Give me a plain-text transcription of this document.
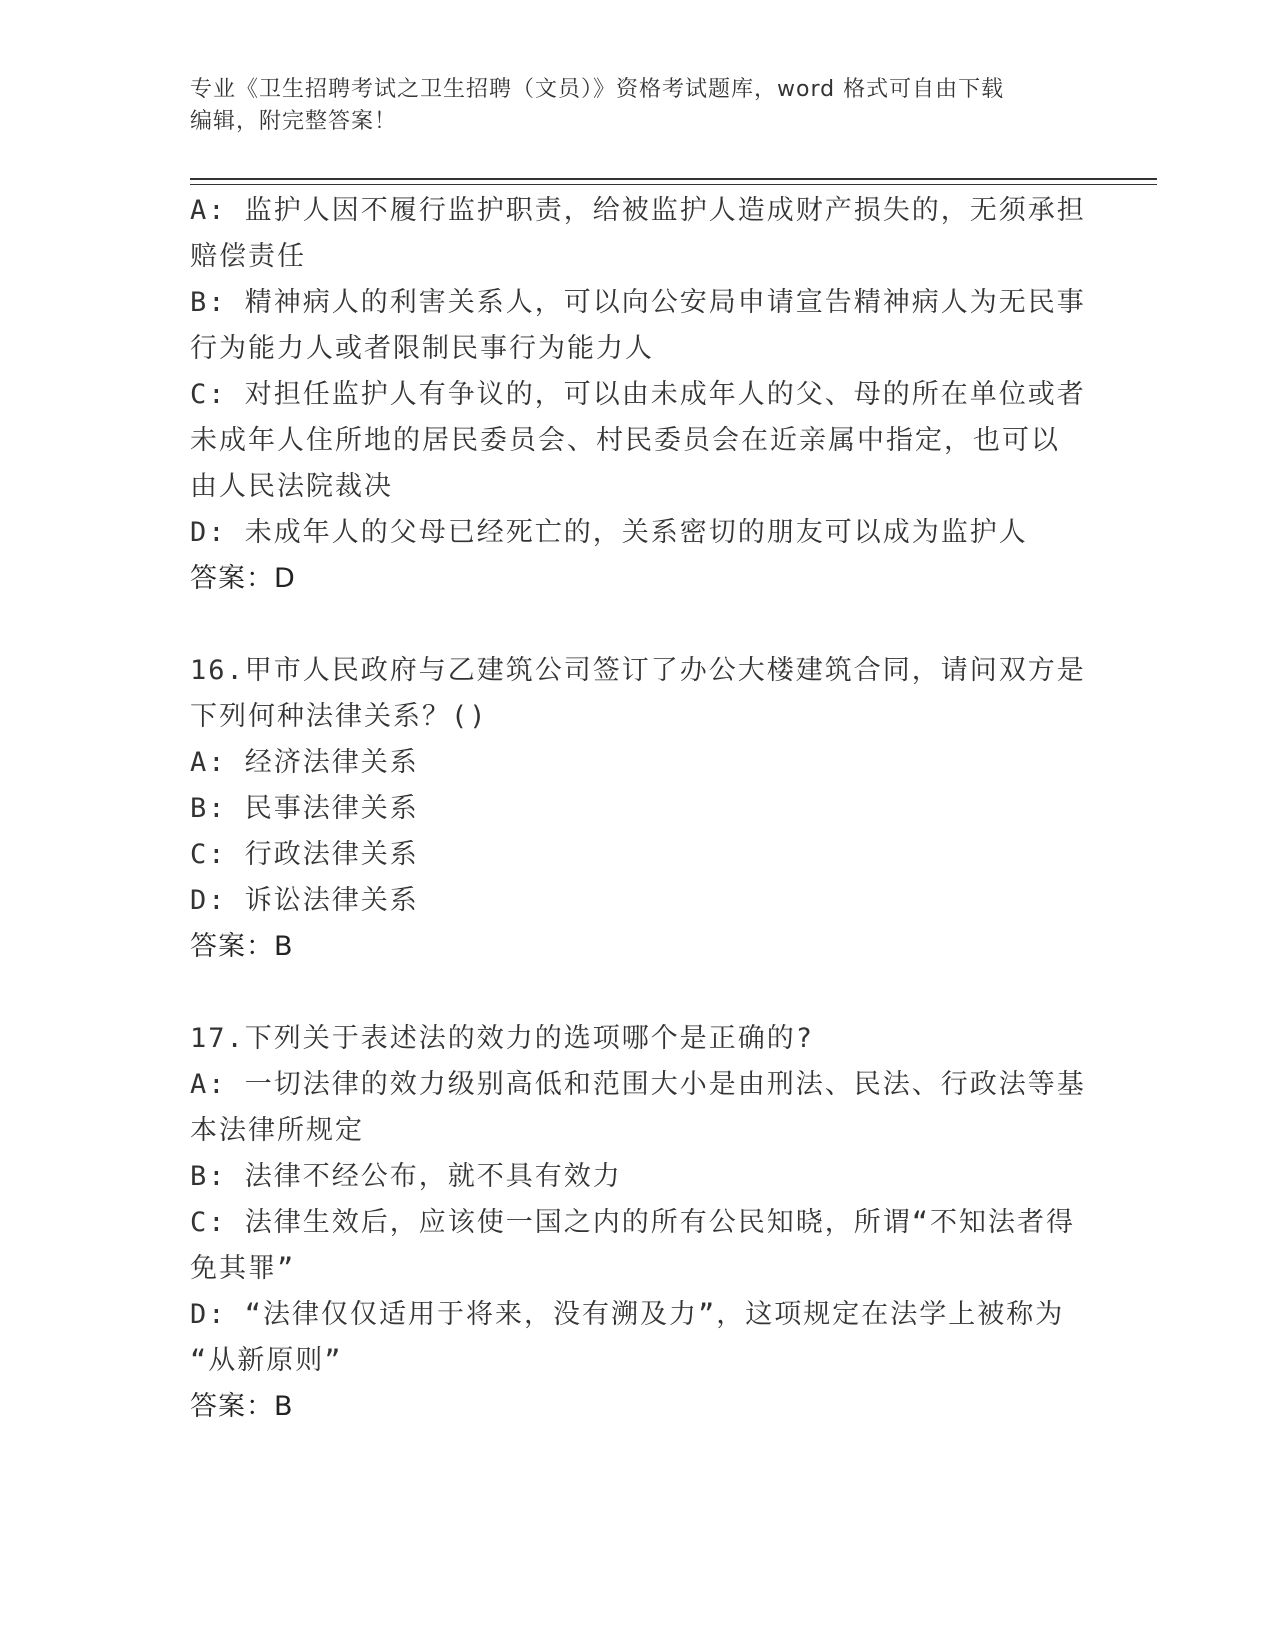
专业《卫生招聘考试之卫生招聘（文员）》资格考试题库，word 格式可自由下载
编辑，附完整答案！
A: 监护人因不履行监护职责，给被监护人造成财产损失的，无须承担
赔偿责任
B: 精神病人的利害关系人，可以向公安局申请宣告精神病人为无民事
行为能力人或者限制民事行为能力人
C: 对担任监护人有争议的，可以由未成年人的父、母的所在单位或者
未成年人住所地的居民委员会、村民委员会在近亲属中指定，也可以
由人民法院裁决
D: 未成年人的父母已经死亡的，关系密切的朋友可以成为监护人
答案：D
16.甲市人民政府与乙建筑公司签订了办公大楼建筑合同，请问双方是
下列何种法律关系？()
A: 经济法律关系
B: 民事法律关系
C: 行政法律关系
D: 诉讼法律关系
答案：B
17.下列关于表述法的效力的选项哪个是正确的?
A: 一切法律的效力级别高低和范围大小是由刑法、民法、行政法等基
本法律所规定
B: 法律不经公布，就不具有效力
C: 法律生效后，应该使一国之内的所有公民知晓，所谓“不知法者得
免其罪”
D: “法律仅仅适用于将来，没有溯及力”，这项规定在法学上被称为
“从新原则”
答案：B
